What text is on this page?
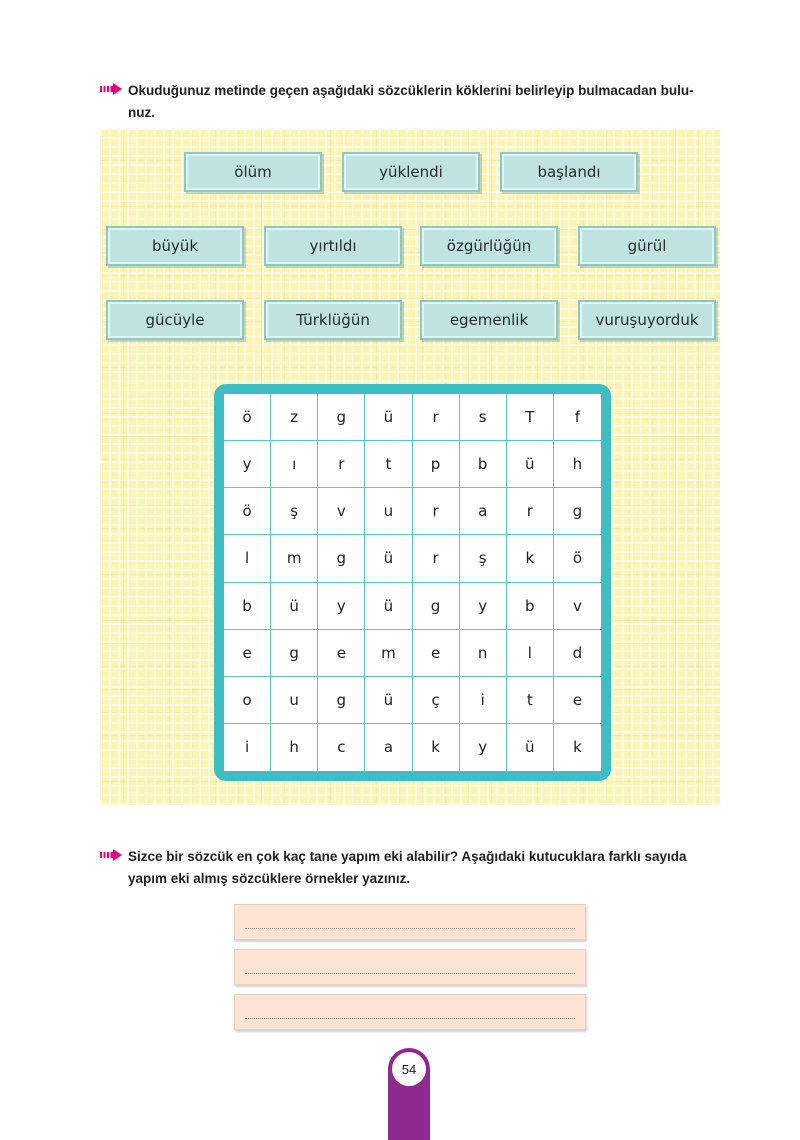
Okuduğunuz metinde geçen aşağıdaki sözcüklerin köklerini belirleyip bulmacadan bulu-
nuz.
ölüm	yüklendi	başlandı
büyük	yırtıldı	özgürlüğün	gürül
gücüyle	Türklüğün	egemenlik	vuruşuyorduk
ö	z	g	ü	r	s	T	f
y	ı	r	t	p	b	ü	h
ö	ş	v	u	r	a	r	g
l	m	g	ü	r	ş	k	ö
b	ü	y	ü	g	y	b	v
e	g	e	m	e	n	l	d
o	u	g	ü	ç	i	t	e
i	h	c	a	k	y	ü	k
Sizce bir sözcük en çok kaç tane yapım eki alabilir? Aşağıdaki kutucuklara farklı sayıda
yapım eki almış sözcüklere örnekler yazınız.
54
